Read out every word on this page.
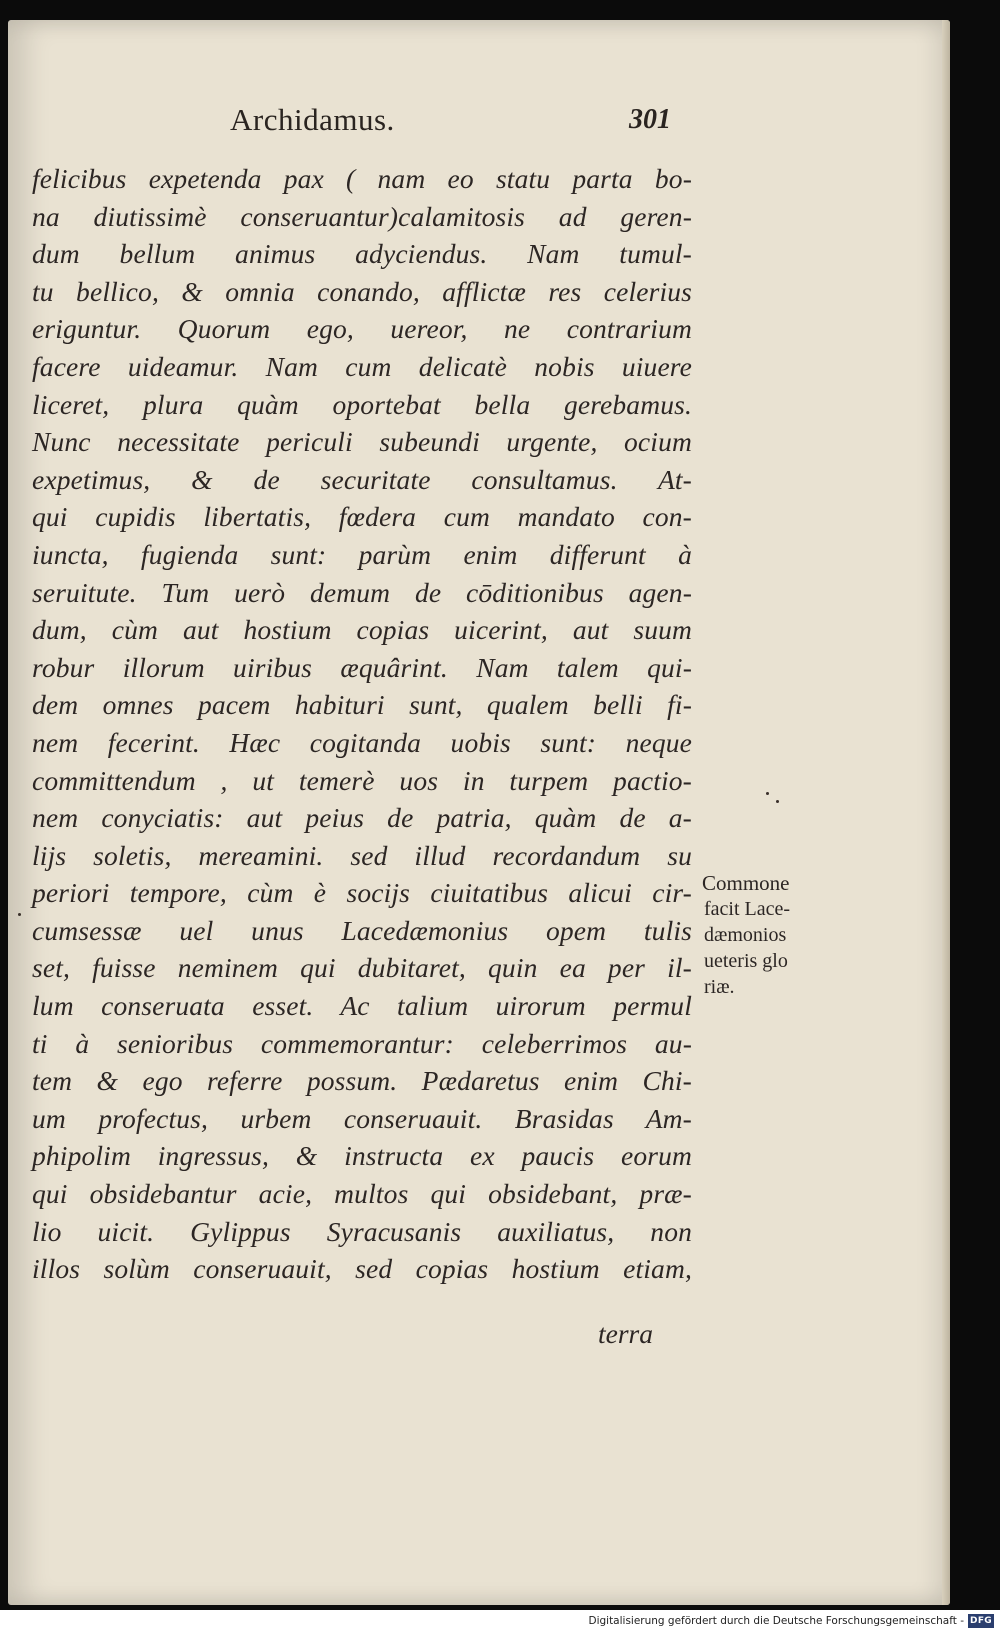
Archidamus.	301
felicibus expetenda pax ( nam eo statu parta bo-
na diutissimè conseruantur)calamitosis ad geren-
dum bellum animus adyciendus. Nam tumul-
tu bellico, & omnia conando, afflictæ res celerius
eriguntur. Quorum ego, uereor, ne contrarium
facere uideamur. Nam cum delicatè nobis uiuere
liceret, plura quàm oportebat bella gerebamus.
Nunc necessitate periculi subeundi urgente, ocium
expetimus, & de securitate consultamus. At-
qui cupidis libertatis, fœdera cum mandato con-
iuncta, fugienda sunt: parùm enim differunt à
seruitute. Tum uerò demum de cōditionibus agen-
dum, cùm aut hostium copias uicerint, aut suum
robur illorum uiribus æquârint. Nam talem qui-
dem omnes pacem habituri sunt, qualem belli fi-
nem fecerint. Hæc cogitanda uobis sunt: neque
committendum , ut temerè uos in turpem pactio-
nem conyciatis: aut peius de patria, quàm de a-
lijs soletis, mereamini. sed illud recordandum su
periori tempore, cùm è socijs ciuitatibus alicui cir-
cumsessæ uel unus Lacedæmonius opem tulis
set, fuisse neminem qui dubitaret, quin ea per il-
lum conseruata esset. Ac talium uirorum permul
ti à senioribus commemorantur: celeberrimos au-
tem & ego referre possum. Pædaretus enim Chi-
um profectus, urbem conseruauit. Brasidas Am-
phipolim ingressus, & instructa ex paucis eorum
qui obsidebantur acie, multos qui obsidebant, præ-
lio uicit. Gylippus Syracusanis auxiliatus, non
illos solùm conseruauit, sed copias hostium etiam,
terra
Commone
facit Lace-
dæmonios
ueteris glo
riæ.
Digitalisierung gefördert durch die Deutsche Forschungsgemeinschaft - DFG
